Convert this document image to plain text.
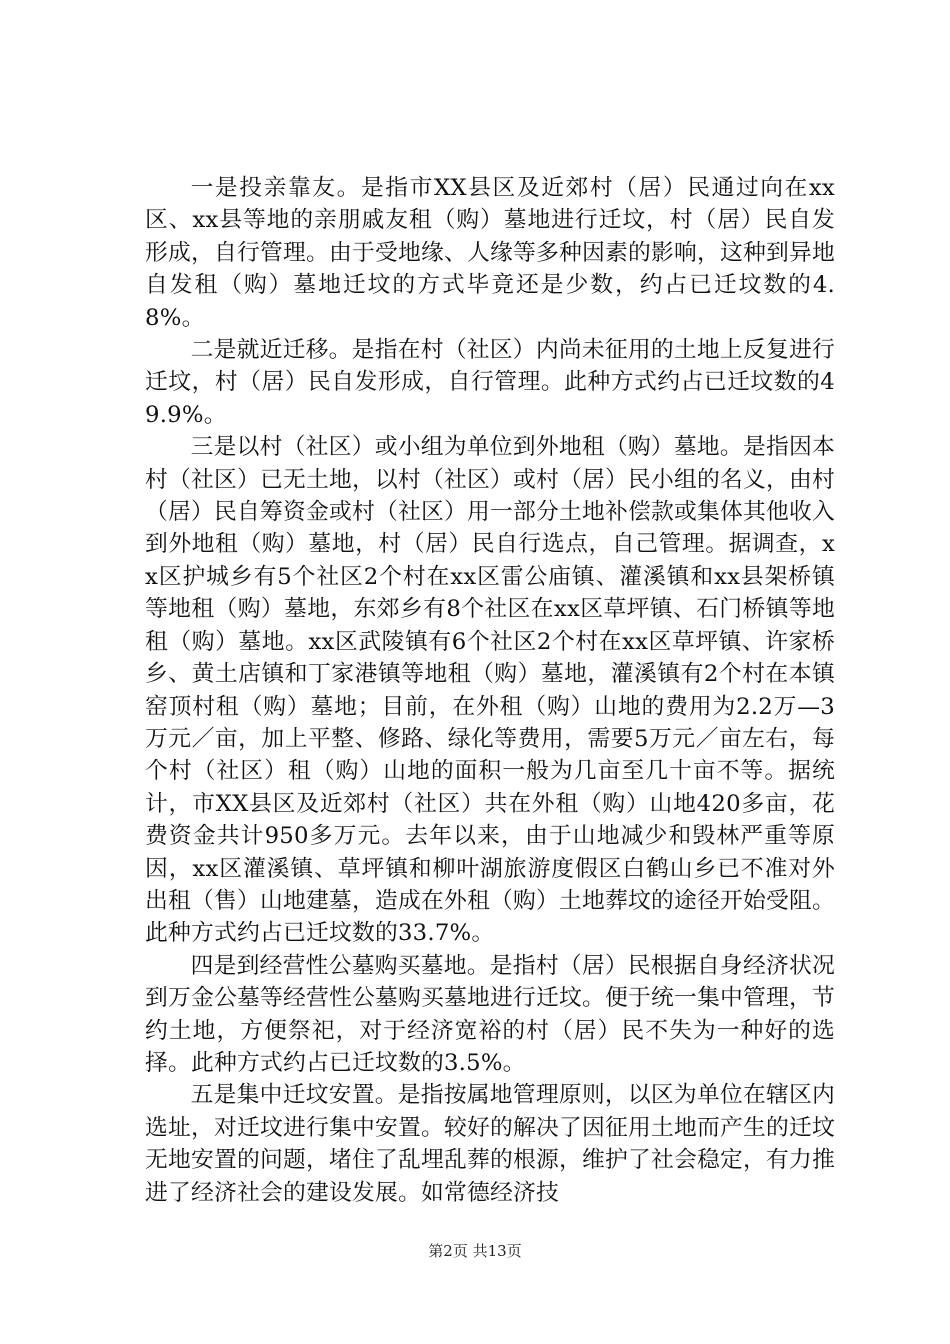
一是投亲靠友。是指市XX县区及近郊村（居）民通过向在xx区、xx县等地的亲朋戚友租（购）墓地进行迁坟，村（居）民自发形成，自行管理。由于受地缘、人缘等多种因素的影响，这种到异地自发租（购）墓地迁坟的方式毕竟还是少数，约占已迁坟数的4.8%。

二是就近迁移。是指在村（社区）内尚未征用的土地上反复进行迁坟，村（居）民自发形成，自行管理。此种方式约占已迁坟数的49.9%。

三是以村（社区）或小组为单位到外地租（购）墓地。是指因本村（社区）已无土地，以村（社区）或村（居）民小组的名义，由村（居）民自筹资金或村（社区）用一部分土地补偿款或集体其他收入到外地租（购）墓地，村（居）民自行选点，自己管理。据调查，xx区护城乡有5个社区2个村在xx区雷公庙镇、灌溪镇和xx县架桥镇等地租（购）墓地，东郊乡有8个社区在xx区草坪镇、石门桥镇等地租（购）墓地。xx区武陵镇有6个社区2个村在xx区草坪镇、许家桥乡、黄土店镇和丁家港镇等地租（购）墓地，灌溪镇有2个村在本镇窑顶村租（购）墓地；目前，在外租（购）山地的费用为2.2万—3万元／亩，加上平整、修路、绿化等费用，需要5万元／亩左右，每个村（社区）租（购）山地的面积一般为几亩至几十亩不等。据统计，市XX县区及近郊村（社区）共在外租（购）山地420多亩，花费资金共计950多万元。去年以来，由于山地减少和毁林严重等原因，xx区灌溪镇、草坪镇和柳叶湖旅游度假区白鹤山乡已不准对外出租（售）山地建墓，造成在外租（购）土地葬坟的途径开始受阻。此种方式约占已迁坟数的33.7%。

四是到经营性公墓购买墓地。是指村（居）民根据自身经济状况到万金公墓等经营性公墓购买墓地进行迁坟。便于统一集中管理，节约土地，方便祭祀，对于经济宽裕的村（居）民不失为一种好的选择。此种方式约占已迁坟数的3.5%。

五是集中迁坟安置。是指按属地管理原则，以区为单位在辖区内选址，对迁坟进行集中安置。较好的解决了因征用土地而产生的迁坟无地安置的问题，堵住了乱埋乱葬的根源，维护了社会稳定，有力推进了经济社会的建设发展。如常德经济技

第2页 共13页
